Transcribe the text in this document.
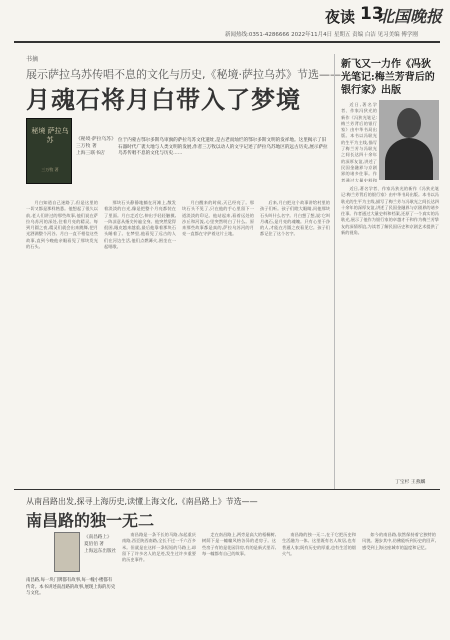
夜读 13
北国晚报
新闻热线:0351-4286666 2022年11月4日 星期五 责编 白洁 见习美编 傅学刚
书摘
展示萨拉乌苏传唱不息的文化与历史,《秘境·萨拉乌苏》节选——
月魂石将月白带入了梦境
秘境 萨拉乌苏
三万牧 著
《秘境·萨拉乌苏》
三万牧 著
上海三联书店
位于内蒙古鄂尔多斯乌审旗的萨拉乌苏文化遗址,是古老而灿烂的鄂尔多斯文明的发祥地。这里揭示了旧石器时代广袤大地与人类文明的发展,作者三万牧以动人的文字记述了萨拉乌苏地区的远古历史,展示萨拉乌苏传唱不息的文化与历史……

月白知道自己迷路了,但是这里的一切又都是那样熟悉。他想起了很久以前,老人们讲过的那些故事,他们说在萨拉乌苏河的深处,住着月亮的精灵。每到月圆之夜,精灵们就会出来跳舞,把月光洒满整个河谷。月白一直不相信这些故事,直到今晚他亲眼看见了那块发光的石头。

那块石头静静地躺在河滩上,散发着淡淡的白光,像是把整个月亮都装在了里面。月白走近它,伸出手轻轻触摸,一阵凉意从指尖传遍全身。他突然觉得很困,眼皮越来越重,最后他靠着那块石头睡着了。在梦里,他看见了远古的人们在河边生活,他们点燃篝火,围坐在一起唱歌。

月白醒来的时候,天已经亮了。那块石头不见了,只在他的手心里留下一道淡淡的印记。他站起来,看着远处的沙丘和河流,心里突然明白了什么。原来那些故事都是真的,萨拉乌苏河的月亮一直都在守护着这片土地。

后来,月白把这个故事讲给村里的孩子们听。孩子们瞪大眼睛,问他那块石头叫什么名字。月白想了想,说:它叫月魂石,是月亮的魂魄。只有心里干净的人,才能在月圆之夜看见它。孩子们都记住了这个名字。

新飞又一力作《冯狄光笔记:梅兰芳背后的银行家》出版

近日,著名学者、作家冯狄光的新作《冯狄光笔记:梅兰芳背后的银行家》由中华书局出版。本书以冯耿光的生平为主线,描写了梅兰芳与冯耿光之间长达四十余年的深厚友谊,讲述了民国金融界与京剧界的诸多往事。作者通过大量史料和

近日,著名学者、作家冯狄光的新作《冯狄光笔记:梅兰芳背后的银行家》由中华书局出版。本书以冯耿光的生平为主线,描写了梅兰芳与冯耿光之间长达四十余年的深厚友谊,讲述了民国金融界与京剧界的诸多往事。作者通过大量史料和档案,还原了一个真实的冯耿光,展示了他作为银行家的卓越才干和作为梅兰芳挚友的深情厚谊,为读者了解民国历史和京剧艺术提供了新的视角。

丁宝杉 王燕麟
从南昌路出发,探寻上海历史,读懂上海文化,《南昌路上》节选——
南昌路的独一无二
《南昌路上》
夏佰佰 著
上海远东出版社
南昌路,每一块门牌都有故事,每一幢小楼都有传奇。本书讲述南昌路的故事,展现上海的历史与文化。

南昌路是一条不长的马路,东起重庆南路,西至陕西南路,全长不过一千六百多米。但就是在这样一条短短的马路上,却留下了许多名人的足迹,发生过许多重要的历史事件。

走在南昌路上,两旁是高大的梧桐树,树荫下是一幢幢风格各异的老房子。这些房子有的是花园洋房,有的是新式里弄,每一幢都有自己的故事。

南昌路的独一无二,在于它把历史和生活融为一体。这里既有名人故居,也有普通人家;既有历史的厚重,也有生活的烟火气。

如今的南昌路,依然保持着它独特的风貌。漫步其中,仿佛能听到历史的回声,感受到上海这座城市的温度和记忆。
